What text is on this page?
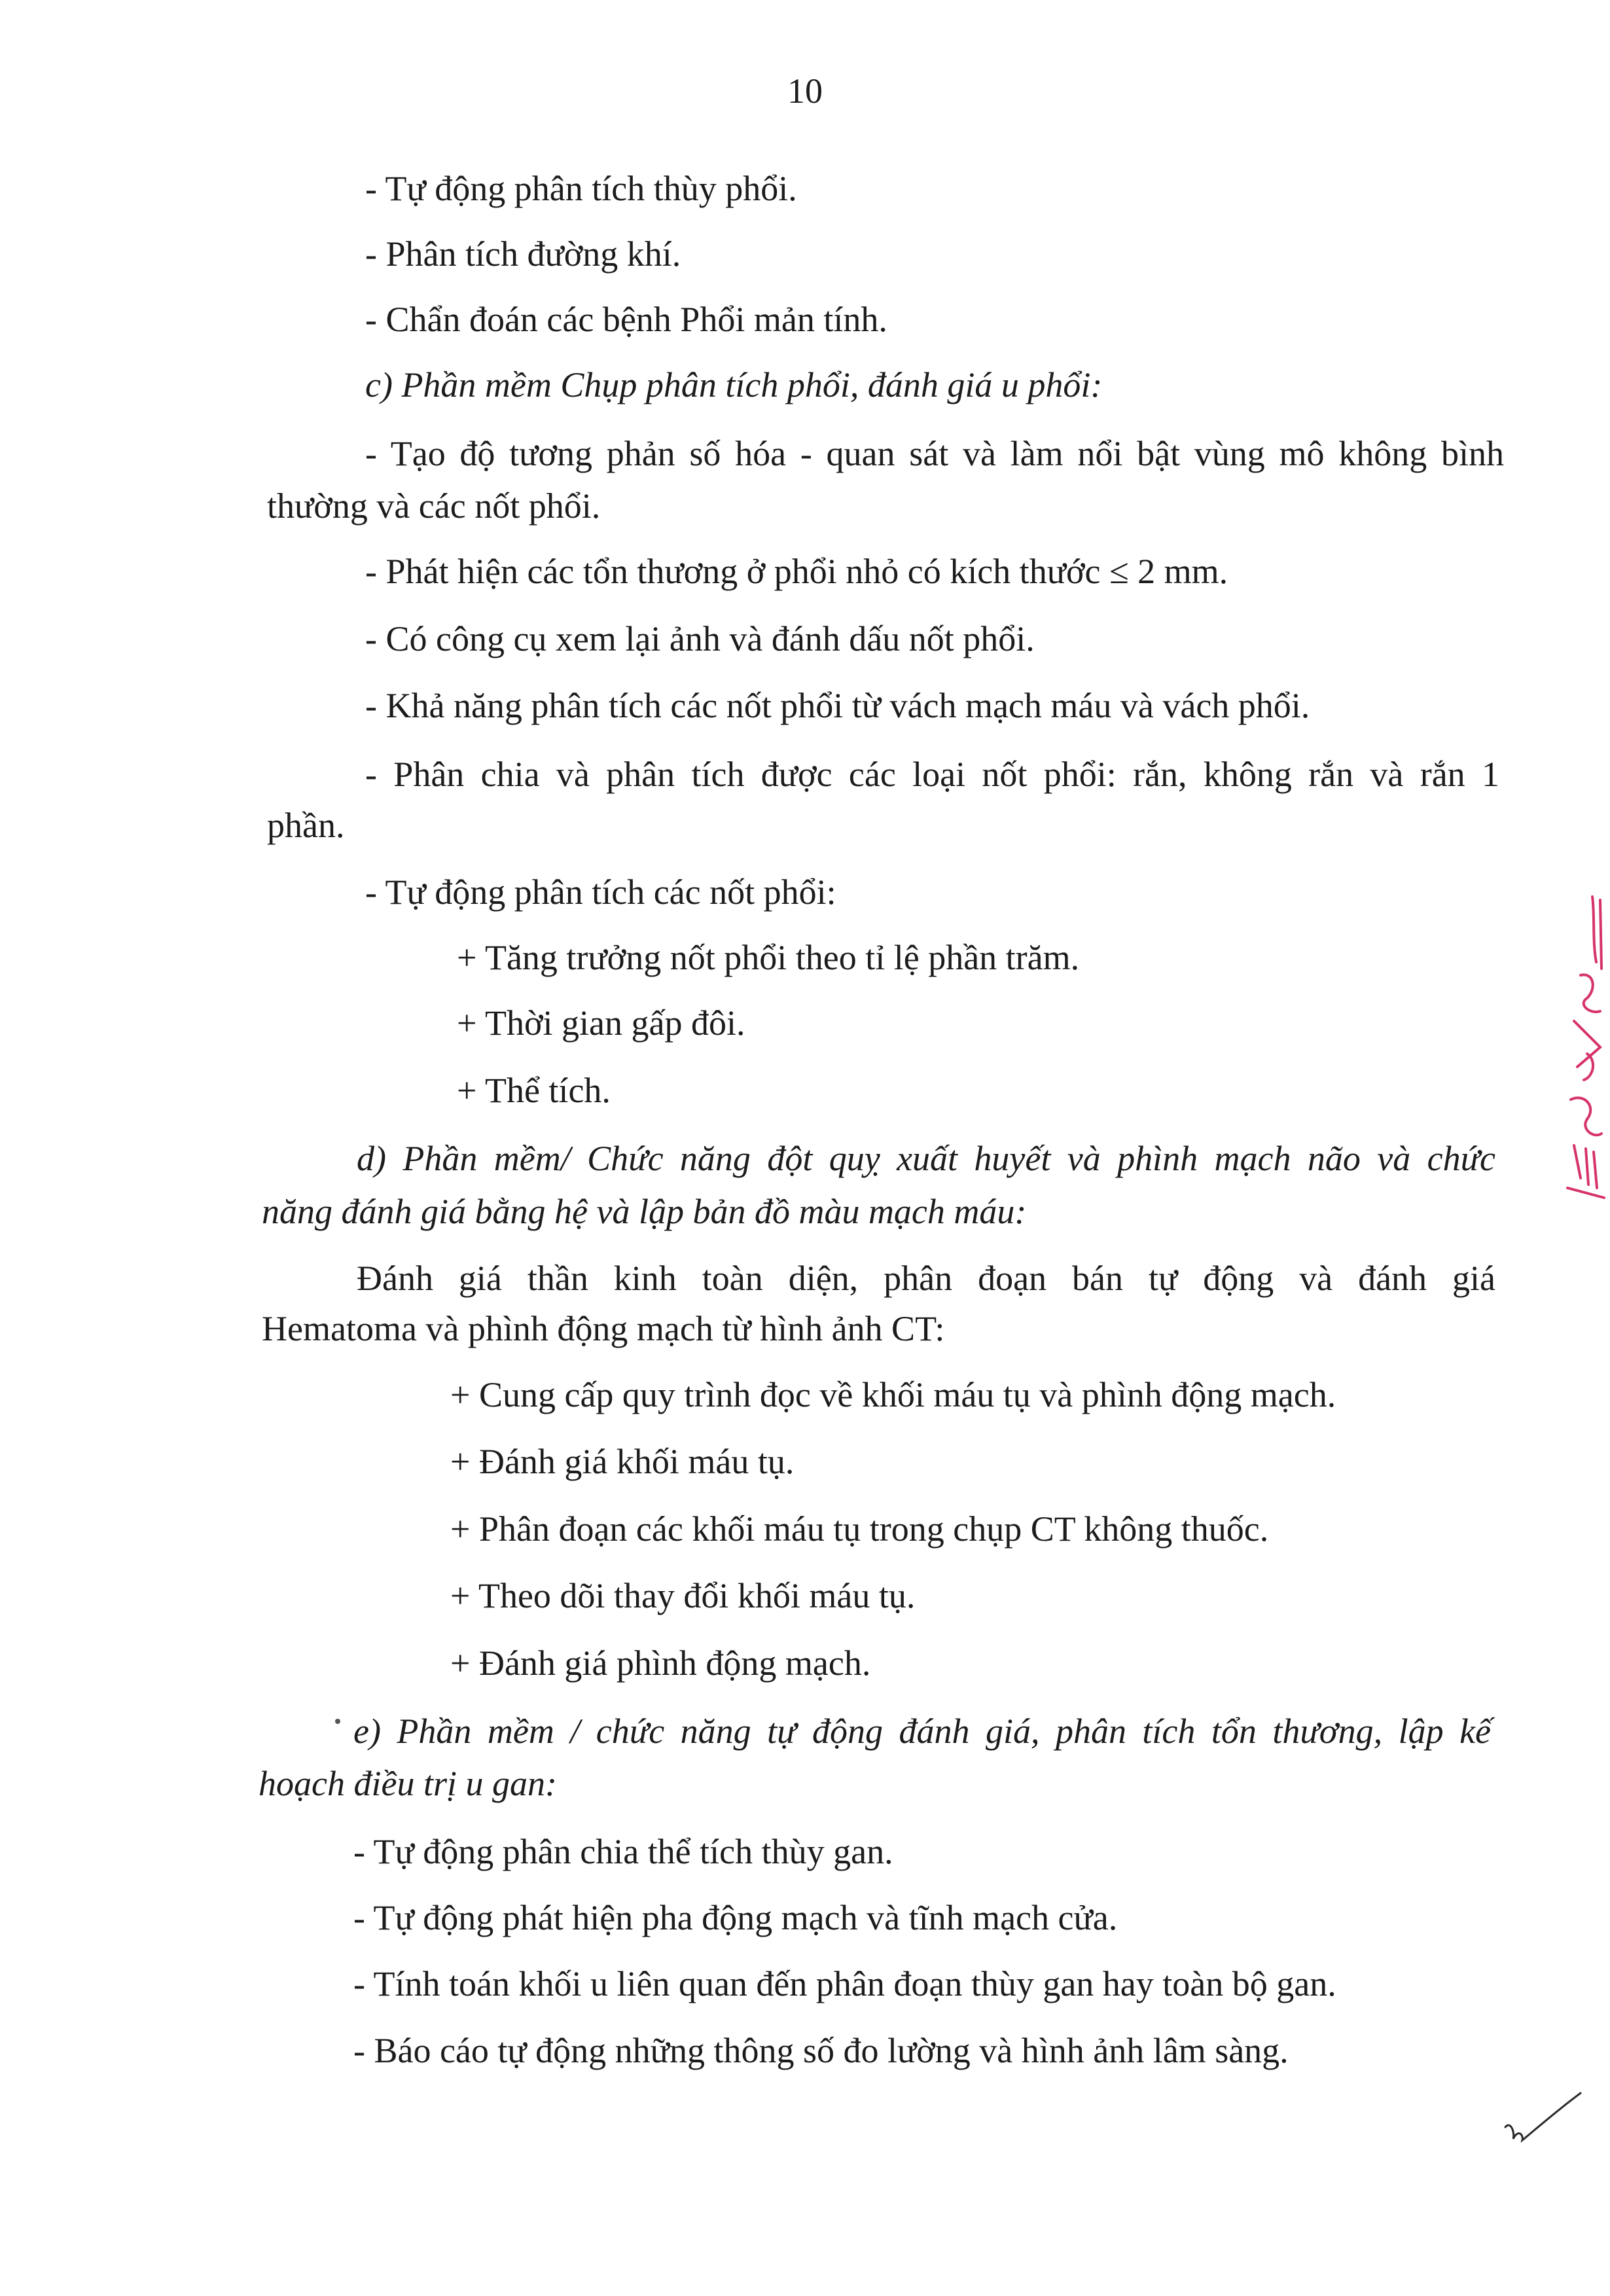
10
- Tự động phân tích thùy phổi.
- Phân tích đường khí.
- Chẩn đoán các bệnh Phổi mản tính.
c) Phần mềm Chụp phân tích phổi, đánh giá u phổi:
- Tạo độ tương phản số hóa - quan sát và làm nổi bật vùng mô không bình
thường và các nốt phổi.
- Phát hiện các tổn thương ở phổi nhỏ có kích thước ≤ 2 mm.
- Có công cụ xem lại ảnh và đánh dấu nốt phổi.
- Khả năng phân tích các nốt phổi từ vách mạch máu và vách phổi.
- Phân chia và phân tích được các loại nốt phổi: rắn, không rắn và rắn 1
phần.
- Tự động phân tích các nốt phổi:
+ Tăng trưởng nốt phổi theo tỉ lệ phần trăm.
+ Thời gian gấp đôi.
+ Thể tích.
d) Phần mềm/ Chức năng đột quỵ xuất huyết và phình mạch não và chức
năng đánh giá bằng hệ và lập bản đồ màu mạch máu:
Đánh giá thần kinh toàn diện, phân đoạn bán tự động và đánh giá
Hematoma và phình động mạch từ hình ảnh CT:
+ Cung cấp quy trình đọc về khối máu tụ và phình động mạch.
+ Đánh giá khối máu tụ.
+ Phân đoạn các khối máu tụ trong chụp CT không thuốc.
+ Theo dõi thay đổi khối máu tụ.
+ Đánh giá phình động mạch.
e) Phần mềm / chức năng tự động đánh giá, phân tích tổn thương, lập kế
hoạch điều trị u gan:
- Tự động phân chia thể tích thùy gan.
- Tự động phát hiện pha động mạch và tĩnh mạch cửa.
- Tính toán khối u liên quan đến phân đoạn thùy gan hay toàn bộ gan.
- Báo cáo tự động những thông số đo lường và hình ảnh lâm sàng.
